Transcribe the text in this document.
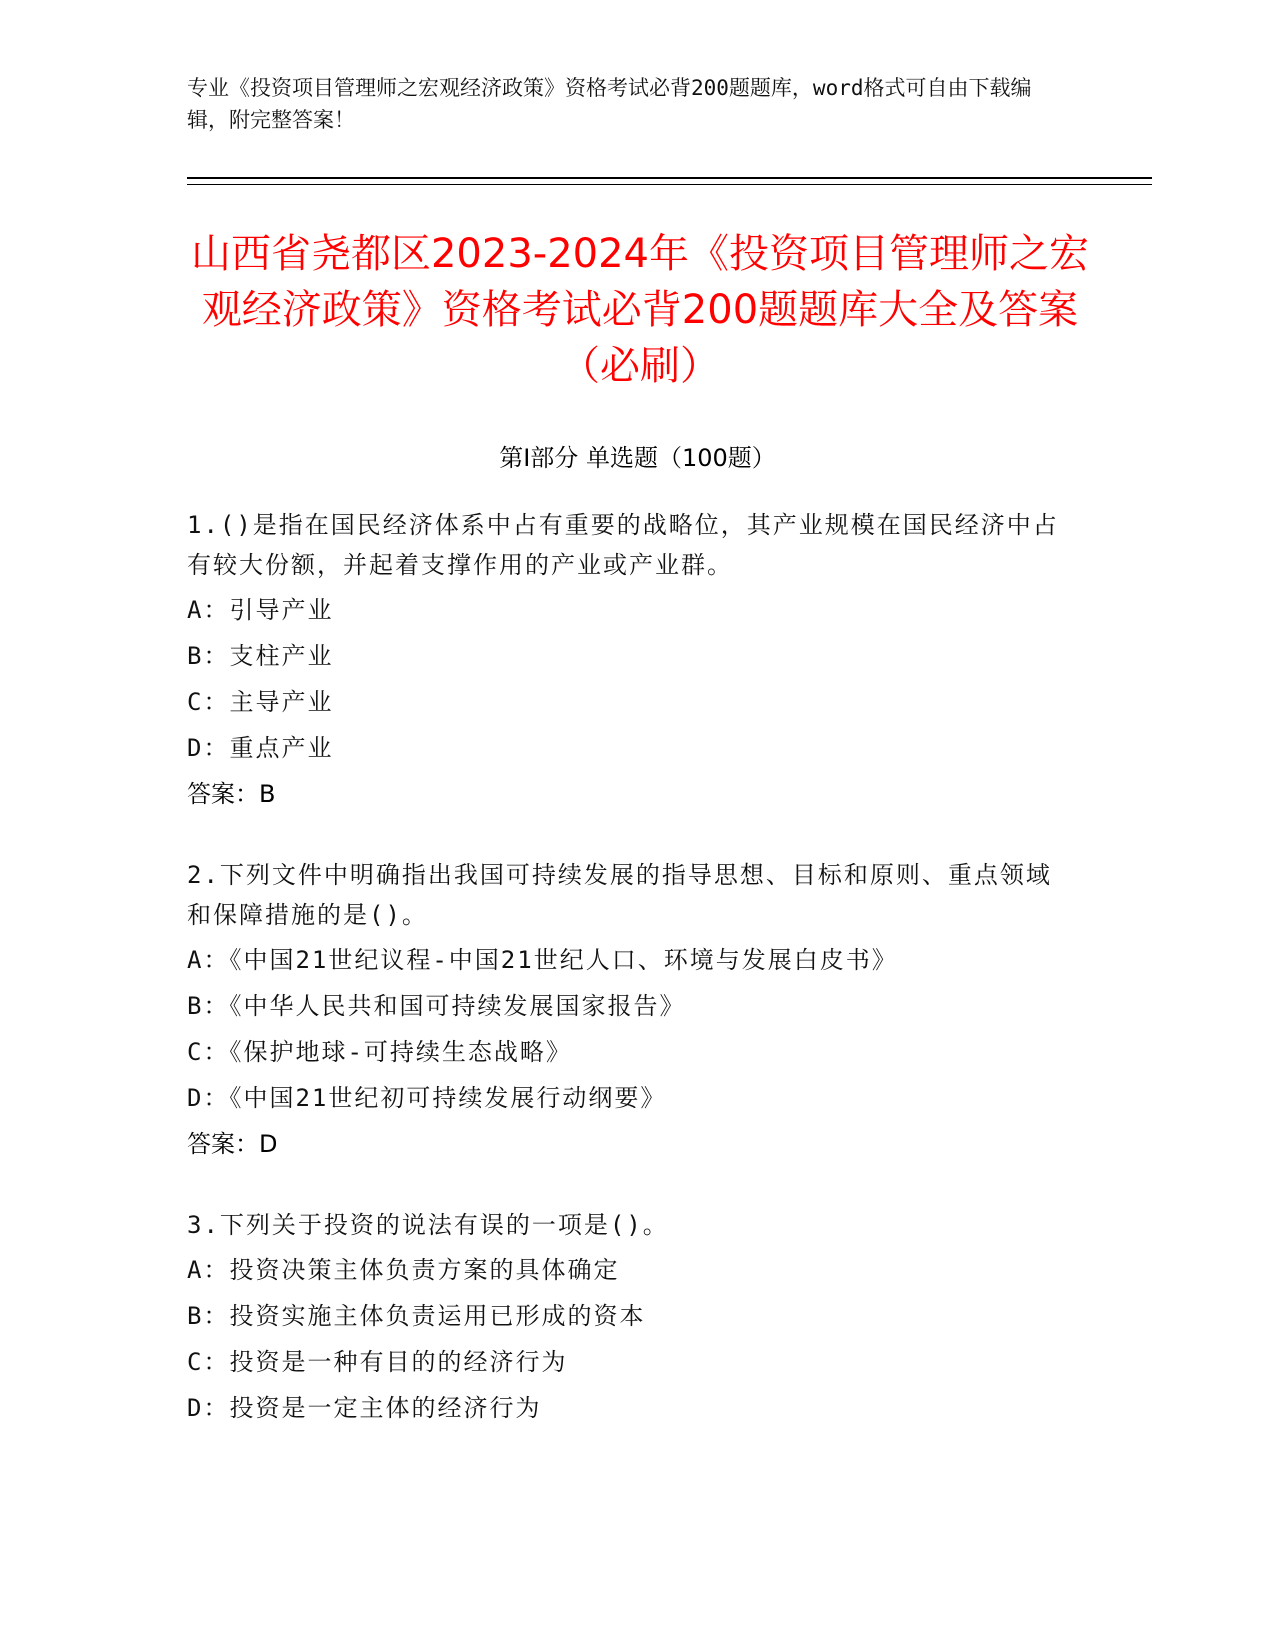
专业《投资项目管理师之宏观经济政策》资格考试必背200题题库，word格式可自由下载编辑，附完整答案！
山西省尧都区2023-2024年《投资项目管理师之宏观经济政策》资格考试必背200题题库大全及答案（必刷）
第Ⅰ部分 单选题（100题）
1.()是指在国民经济体系中占有重要的战略位，其产业规模在国民经济中占有较大份额，并起着支撑作用的产业或产业群。
A：引导产业
B：支柱产业
C：主导产业
D：重点产业
答案：B
2.下列文件中明确指出我国可持续发展的指导思想、目标和原则、重点领域和保障措施的是()。
A：《中国21世纪议程-中国21世纪人口、环境与发展白皮书》
B：《中华人民共和国可持续发展国家报告》
C：《保护地球-可持续生态战略》
D：《中国21世纪初可持续发展行动纲要》
答案：D
3.下列关于投资的说法有误的一项是()。
A：投资决策主体负责方案的具体确定
B：投资实施主体负责运用已形成的资本
C：投资是一种有目的的经济行为
D：投资是一定主体的经济行为
